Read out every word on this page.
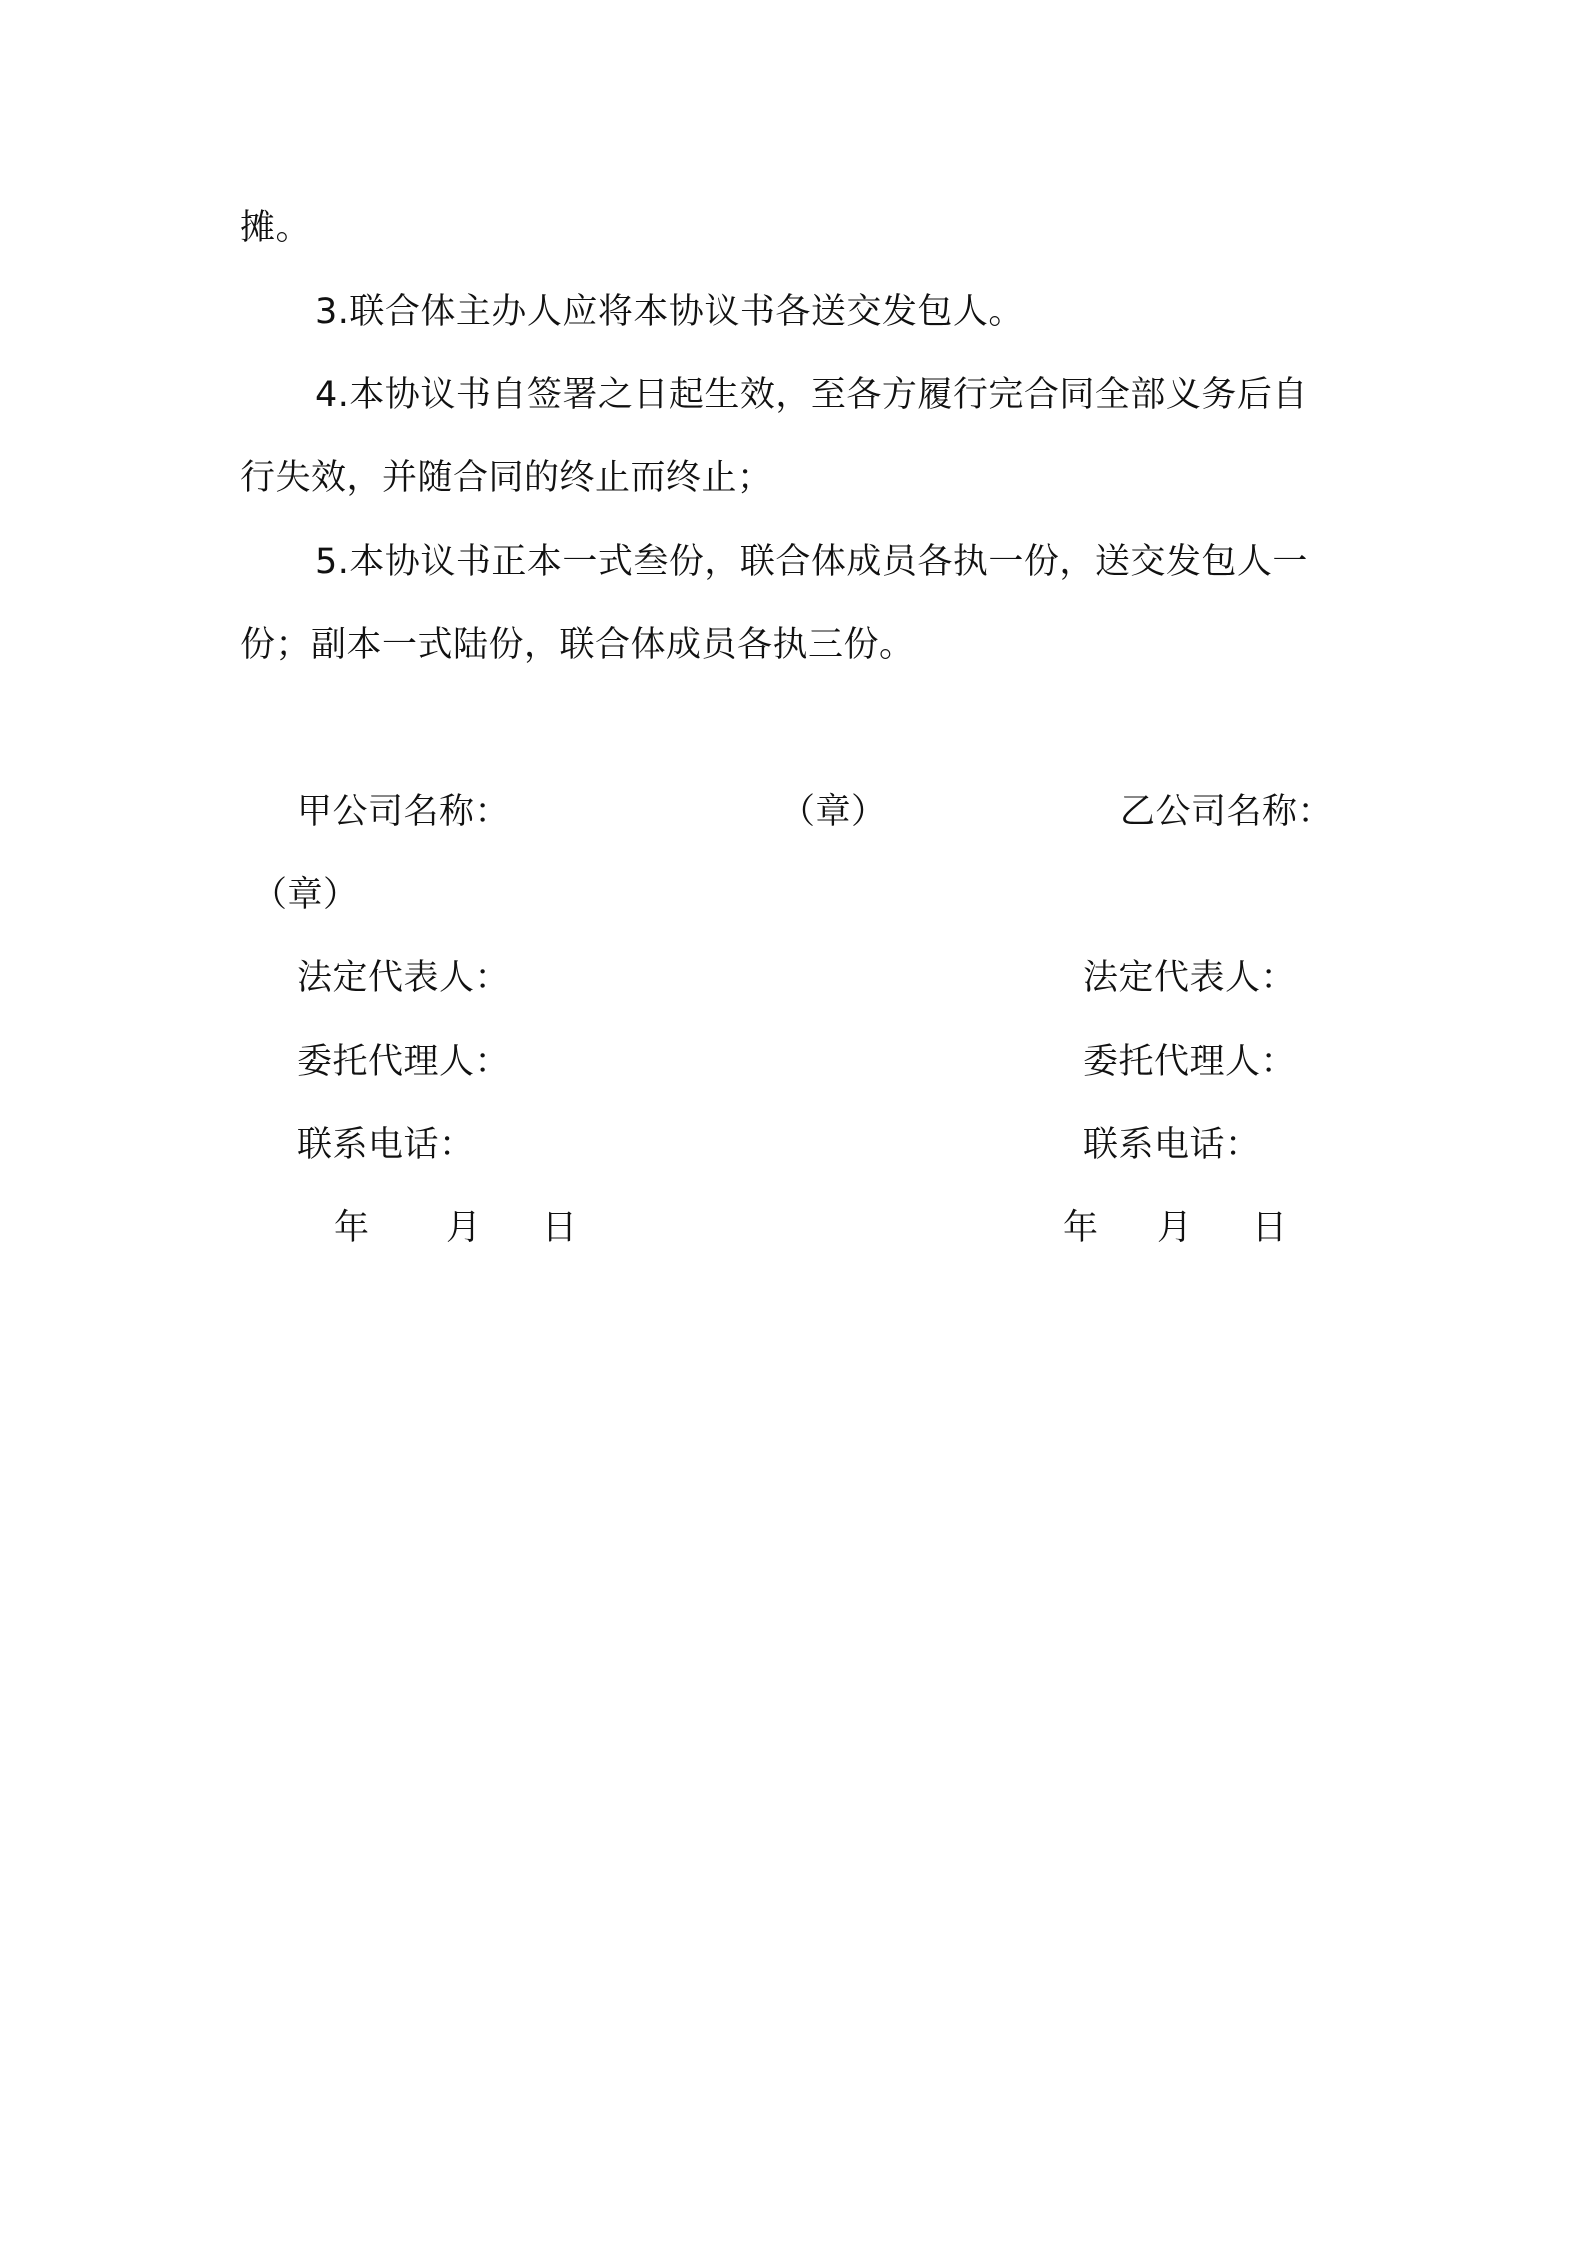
摊。
3.联合体主办人应将本协议书各送交发包人。
4.本协议书自签署之日起生效，至各方履行完合同全部义务后自
行失效，并随合同的终止而终止；
5.本协议书正本一式叁份，联合体成员各执一份，送交发包人一
份；副本一式陆份，联合体成员各执三份。
甲公司名称：	（章）
法定代表人：
委托代理人：
联系电话：
年 月 日
乙公司名称：
（章）
法定代表人：
委托代理人：
联系电话：
年 月 日
